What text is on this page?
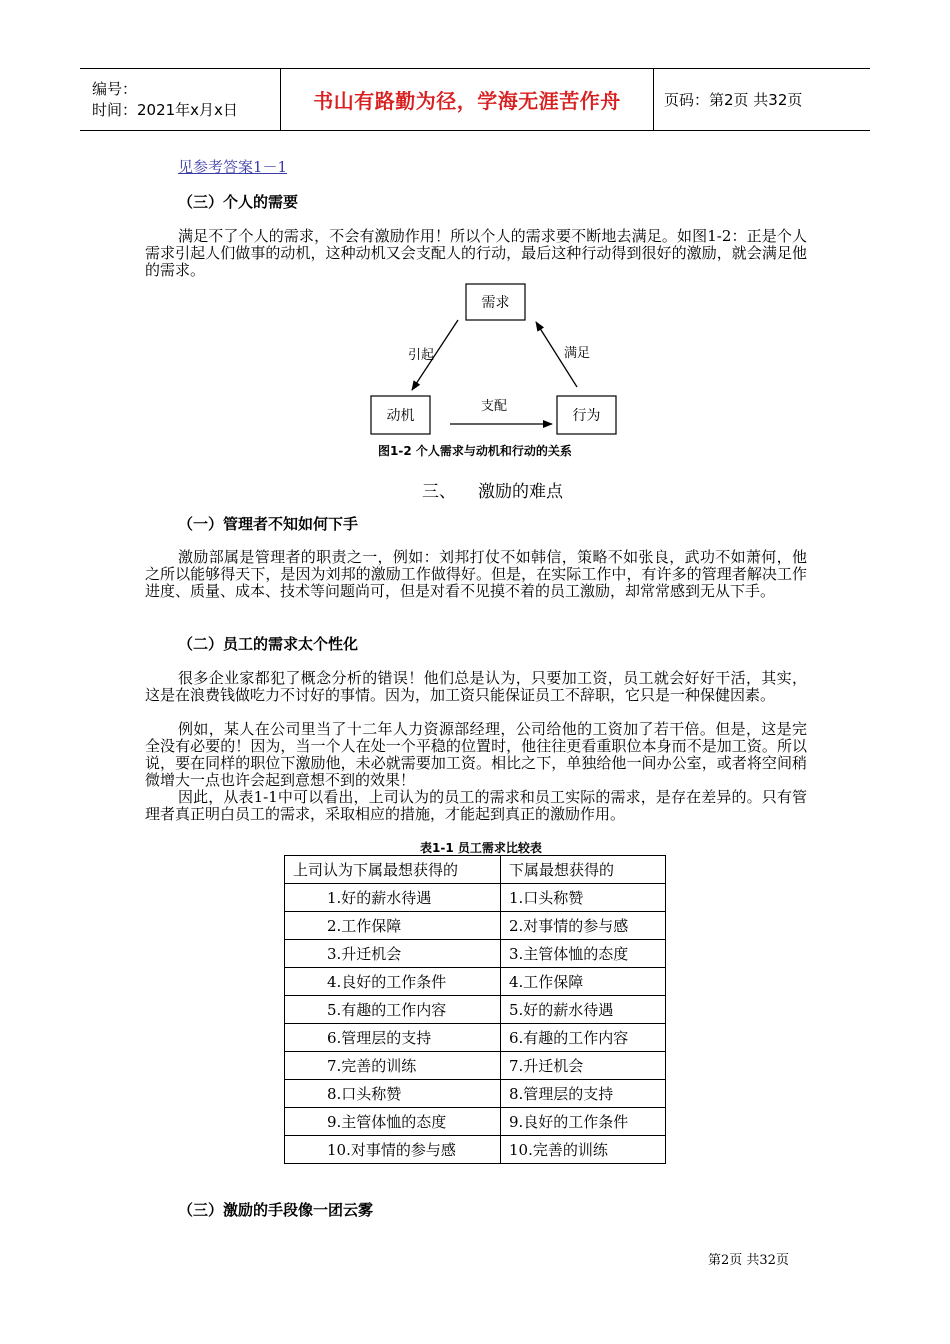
编号：
时间：2021年x月x日	书山有路勤为径，学海无涯苦作舟	页码：第2页 共32页
见参考答案1－1
（三）个人的需要

满足不了个人的需求，不会有激励作用！所以个人的需求要不断地去满足。如图1-2：正是个人需求引起人们做事的动机，这种动机又会支配人的行动，最后这种行动得到很好的激励，就会满足他的需求。

需求
动机	行为
引起	满足
支配
图1-2 个人需求与动机和行动的关系
三、 激励的难点
（一）管理者不知如何下手

激励部属是管理者的职责之一，例如：刘邦打仗不如韩信，策略不如张良，武功不如萧何，他之所以能够得天下，是因为刘邦的激励工作做得好。但是，在实际工作中，有许多的管理者解决工作进度、质量、成本、技术等问题尚可，但是对看不见摸不着的员工激励，却常常感到无从下手。

（二）员工的需求太个性化

很多企业家都犯了概念分析的错误！他们总是认为，只要加工资，员工就会好好干活，其实，这是在浪费钱做吃力不讨好的事情。因为，加工资只能保证员工不辞职，它只是一种保健因素。

例如，某人在公司里当了十二年人力资源部经理，公司给他的工资加了若干倍。但是，这是完全没有必要的！因为，当一个人在处一个平稳的位置时，他往往更看重职位本身而不是加工资。所以说，要在同样的职位下激励他，未必就需要加工资。相比之下，单独给他一间办公室，或者将空间稍微增大一点也许会起到意想不到的效果！

因此，从表1-1中可以看出，上司认为的员工的需求和员工实际的需求，是存在差异的。只有管理者真正明白员工的需求，采取相应的措施，才能起到真正的激励作用。

表1-1 员工需求比较表
上司认为下属最想获得的	下属最想获得的
1.好的薪水待遇	1.口头称赞
2.工作保障	2.对事情的参与感
3.升迁机会	3.主管体恤的态度
4.良好的工作条件	4.工作保障
5.有趣的工作内容	5.好的薪水待遇
6.管理层的支持	6.有趣的工作内容
7.完善的训练	7.升迁机会
8.口头称赞	8.管理层的支持
9.主管体恤的态度	9.良好的工作条件
10.对事情的参与感	10.完善的训练
（三）激励的手段像一团云雾
第2页 共32页
